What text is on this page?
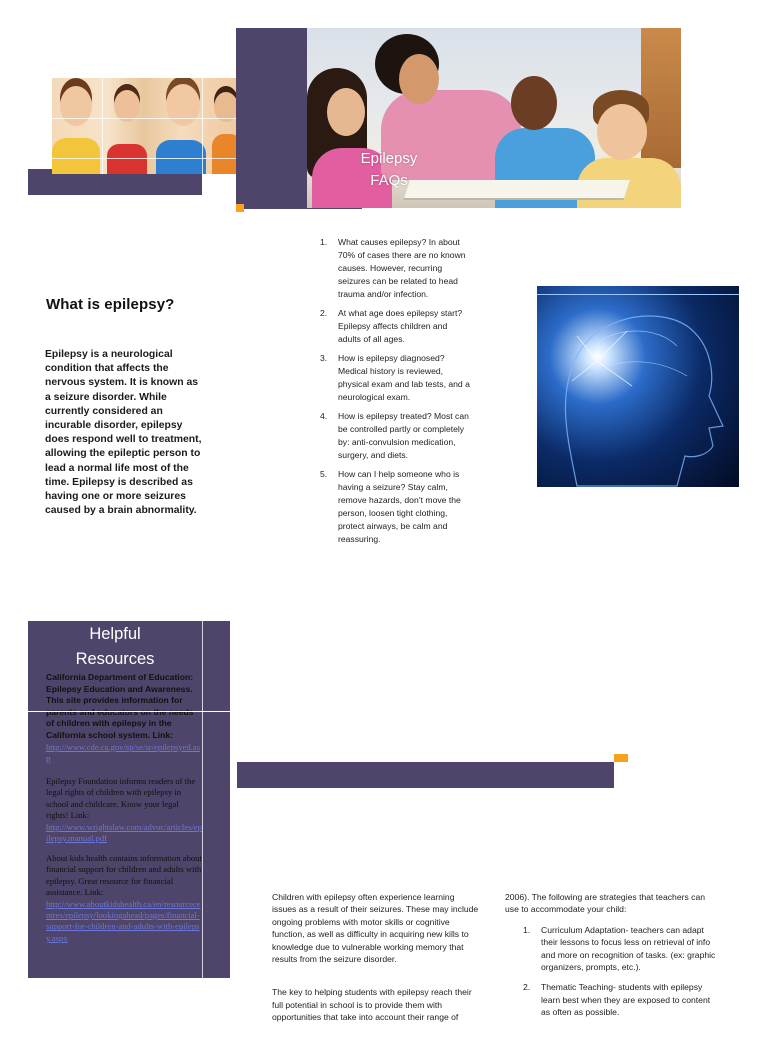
Epilepsy
FAQs
What is epilepsy?
Epilepsy is a neurological condition that affects the nervous system. It is known as a seizure disorder. While currently considered an incurable disorder, epilepsy does respond well to treatment, allowing the epileptic person to lead a normal life most of the time. Epilepsy is described as having one or more seizures caused by a brain abnormality.
1. What causes epilepsy? In about 70% of cases there are no known causes. However, recurring seizures can be related to head trauma and/or infection.
2. At what age does epilepsy start? Epilepsy affects children and adults of all ages.
3. How is epilepsy diagnosed? Medical history is reviewed, physical exam and lab tests, and a neurological exam.
4. How is epilepsy treated? Most can be controlled partly or completely by: anti-convulsion medication, surgery, and diets.
5. How can I help someone who is having a seizure? Stay calm, remove hazards, don’t move the person, loosen tight clothing, protect airways, be calm and reassuring.
Helpful
Resources
California Department of Education: Epilepsy Education and Awareness. This site provides information for of children with epilepsy in the California school system. Link:
http://www.cde.ca.gov/sp/se/sr/epilepsyed.asp
Epilepsy Foundation informs readers of the legal rights of children with epilepsy in school and childcare. Know your legal rights! Link:
http://www.wrightslaw.com/advoc/articles/epilepsy.manual.pdf
About kids health contains information about financial support for children and adults with epilepsy. Great resource for financial assistance. Link:
http://www.aboutkidshealth.ca/en/resourcecentres/epilepsy/lookingahead/pages/financial-support-for-children-and-adults-with-epilepsy.aspx

Children with epilepsy often experience learning issues as a result of their seizures. These may include ongoing problems with motor skills or cognitive function, as well as difficulty in acquiring new kills to knowledge due to vulnerable working memory that results from the seizure disorder.

The key to helping students with epilepsy reach their full potential in school is to provide them with opportunities that take into account their range of

2006). The following are strategies that teachers can use to accommodate your child:

1. Curriculum Adaptation- teachers can adapt their lessons to focus less on retrieval of info and more on recognition of tasks. (ex: graphic organizers, prompts, etc.).
2. Thematic Teaching- students with epilepsy learn best when they are exposed to content as often as possible.
